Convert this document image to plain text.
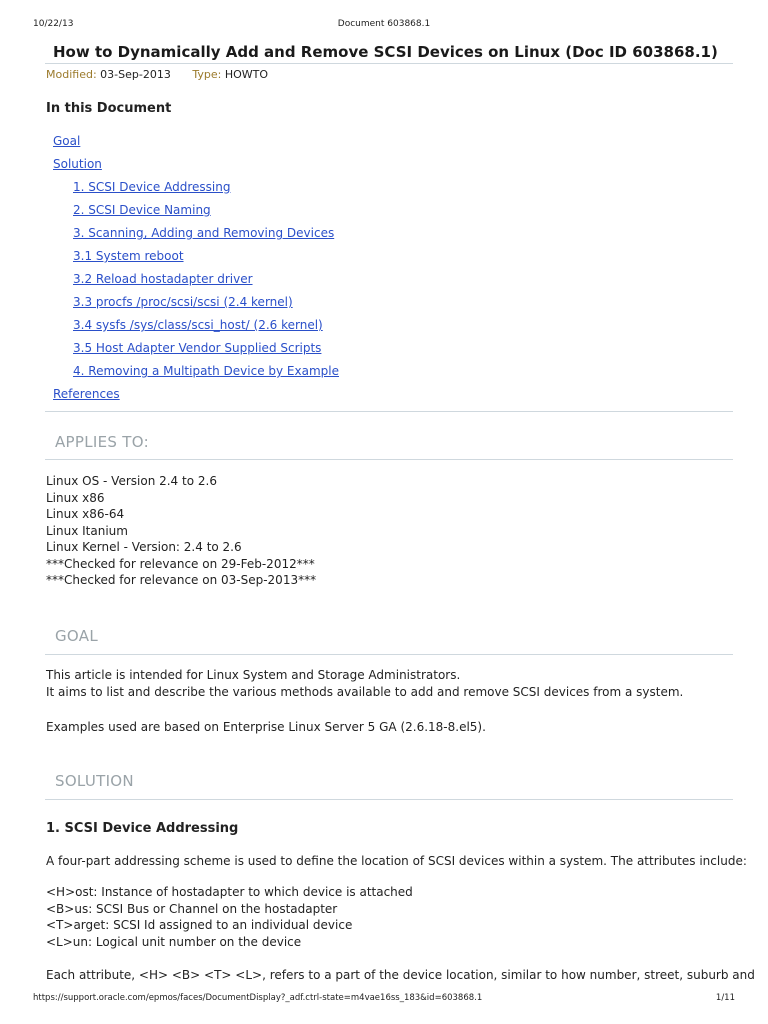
10/22/13	Document 603868.1
How to Dynamically Add and Remove SCSI Devices on Linux (Doc ID 603868.1)
Modified: 03-Sep-2013 Type: HOWTO
In this Document
Goal
Solution
1. SCSI Device Addressing
2. SCSI Device Naming
3. Scanning, Adding and Removing Devices
3.1 System reboot
3.2 Reload hostadapter driver
3.3 procfs /proc/scsi/scsi (2.4 kernel)
3.4 sysfs /sys/class/scsi_host/ (2.6 kernel)
3.5 Host Adapter Vendor Supplied Scripts
4. Removing a Multipath Device by Example
References
APPLIES TO:
Linux OS - Version 2.4 to 2.6
Linux x86
Linux x86-64
Linux Itanium
Linux Kernel - Version: 2.4 to 2.6
***Checked for relevance on 29-Feb-2012***
***Checked for relevance on 03-Sep-2013***
GOAL
This article is intended for Linux System and Storage Administrators.
It aims to list and describe the various methods available to add and remove SCSI devices from a system.
Examples used are based on Enterprise Linux Server 5 GA (2.6.18-8.el5).
SOLUTION
1. SCSI Device Addressing
A four-part addressing scheme is used to define the location of SCSI devices within a system. The attributes include:
<H>ost: Instance of hostadapter to which device is attached
<B>us: SCSI Bus or Channel on the hostadapter
<T>arget: SCSI Id assigned to an individual device
<L>un: Logical unit number on the device
Each attribute, <H> <B> <T> <L>, refers to a part of the device location, similar to how number, street, suburb and
https://support.oracle.com/epmos/faces/DocumentDisplay?_adf.ctrl-state=m4vae16ss_183&id=603868.1	1/11
